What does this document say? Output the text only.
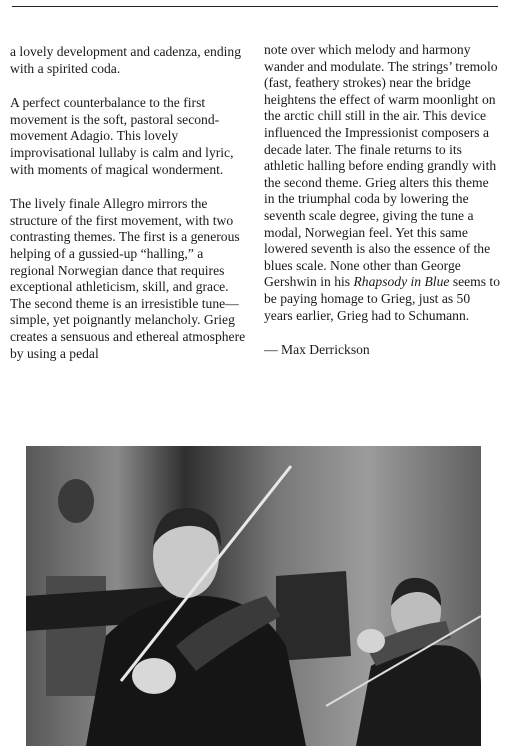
a lovely development and cadenza, ending with a spirited coda.

A perfect counterbalance to the first movement is the soft, pastoral second-movement Adagio. This lovely improvisational lullaby is calm and lyric, with moments of magical wonderment.

The lively finale Allegro mirrors the structure of the first movement, with two contrasting themes. The first is a generous helping of a gussied-up “halling,” a regional Norwegian dance that requires exceptional athleticism, skill, and grace. The second theme is an irresistible tune—simple, yet poignantly melancholy. Grieg creates a sensuous and ethereal atmosphere by using a pedal

note over which melody and harmony wander and modulate. The strings’ tremolo (fast, feathery strokes) near the bridge heightens the effect of warm moonlight on the arctic chill still in the air. This device influenced the Impressionist composers a decade later. The finale returns to its athletic halling before ending grandly with the second theme. Grieg alters this theme in the triumphal coda by lowering the seventh scale degree, giving the tune a modal, Norwegian feel. Yet this same lowered seventh is also the essence of the blues scale. None other than George Gershwin in his Rhapsody in Blue seems to be paying homage to Grieg, just as 50 years earlier, Grieg had to Schumann.

— Max Derrickson
